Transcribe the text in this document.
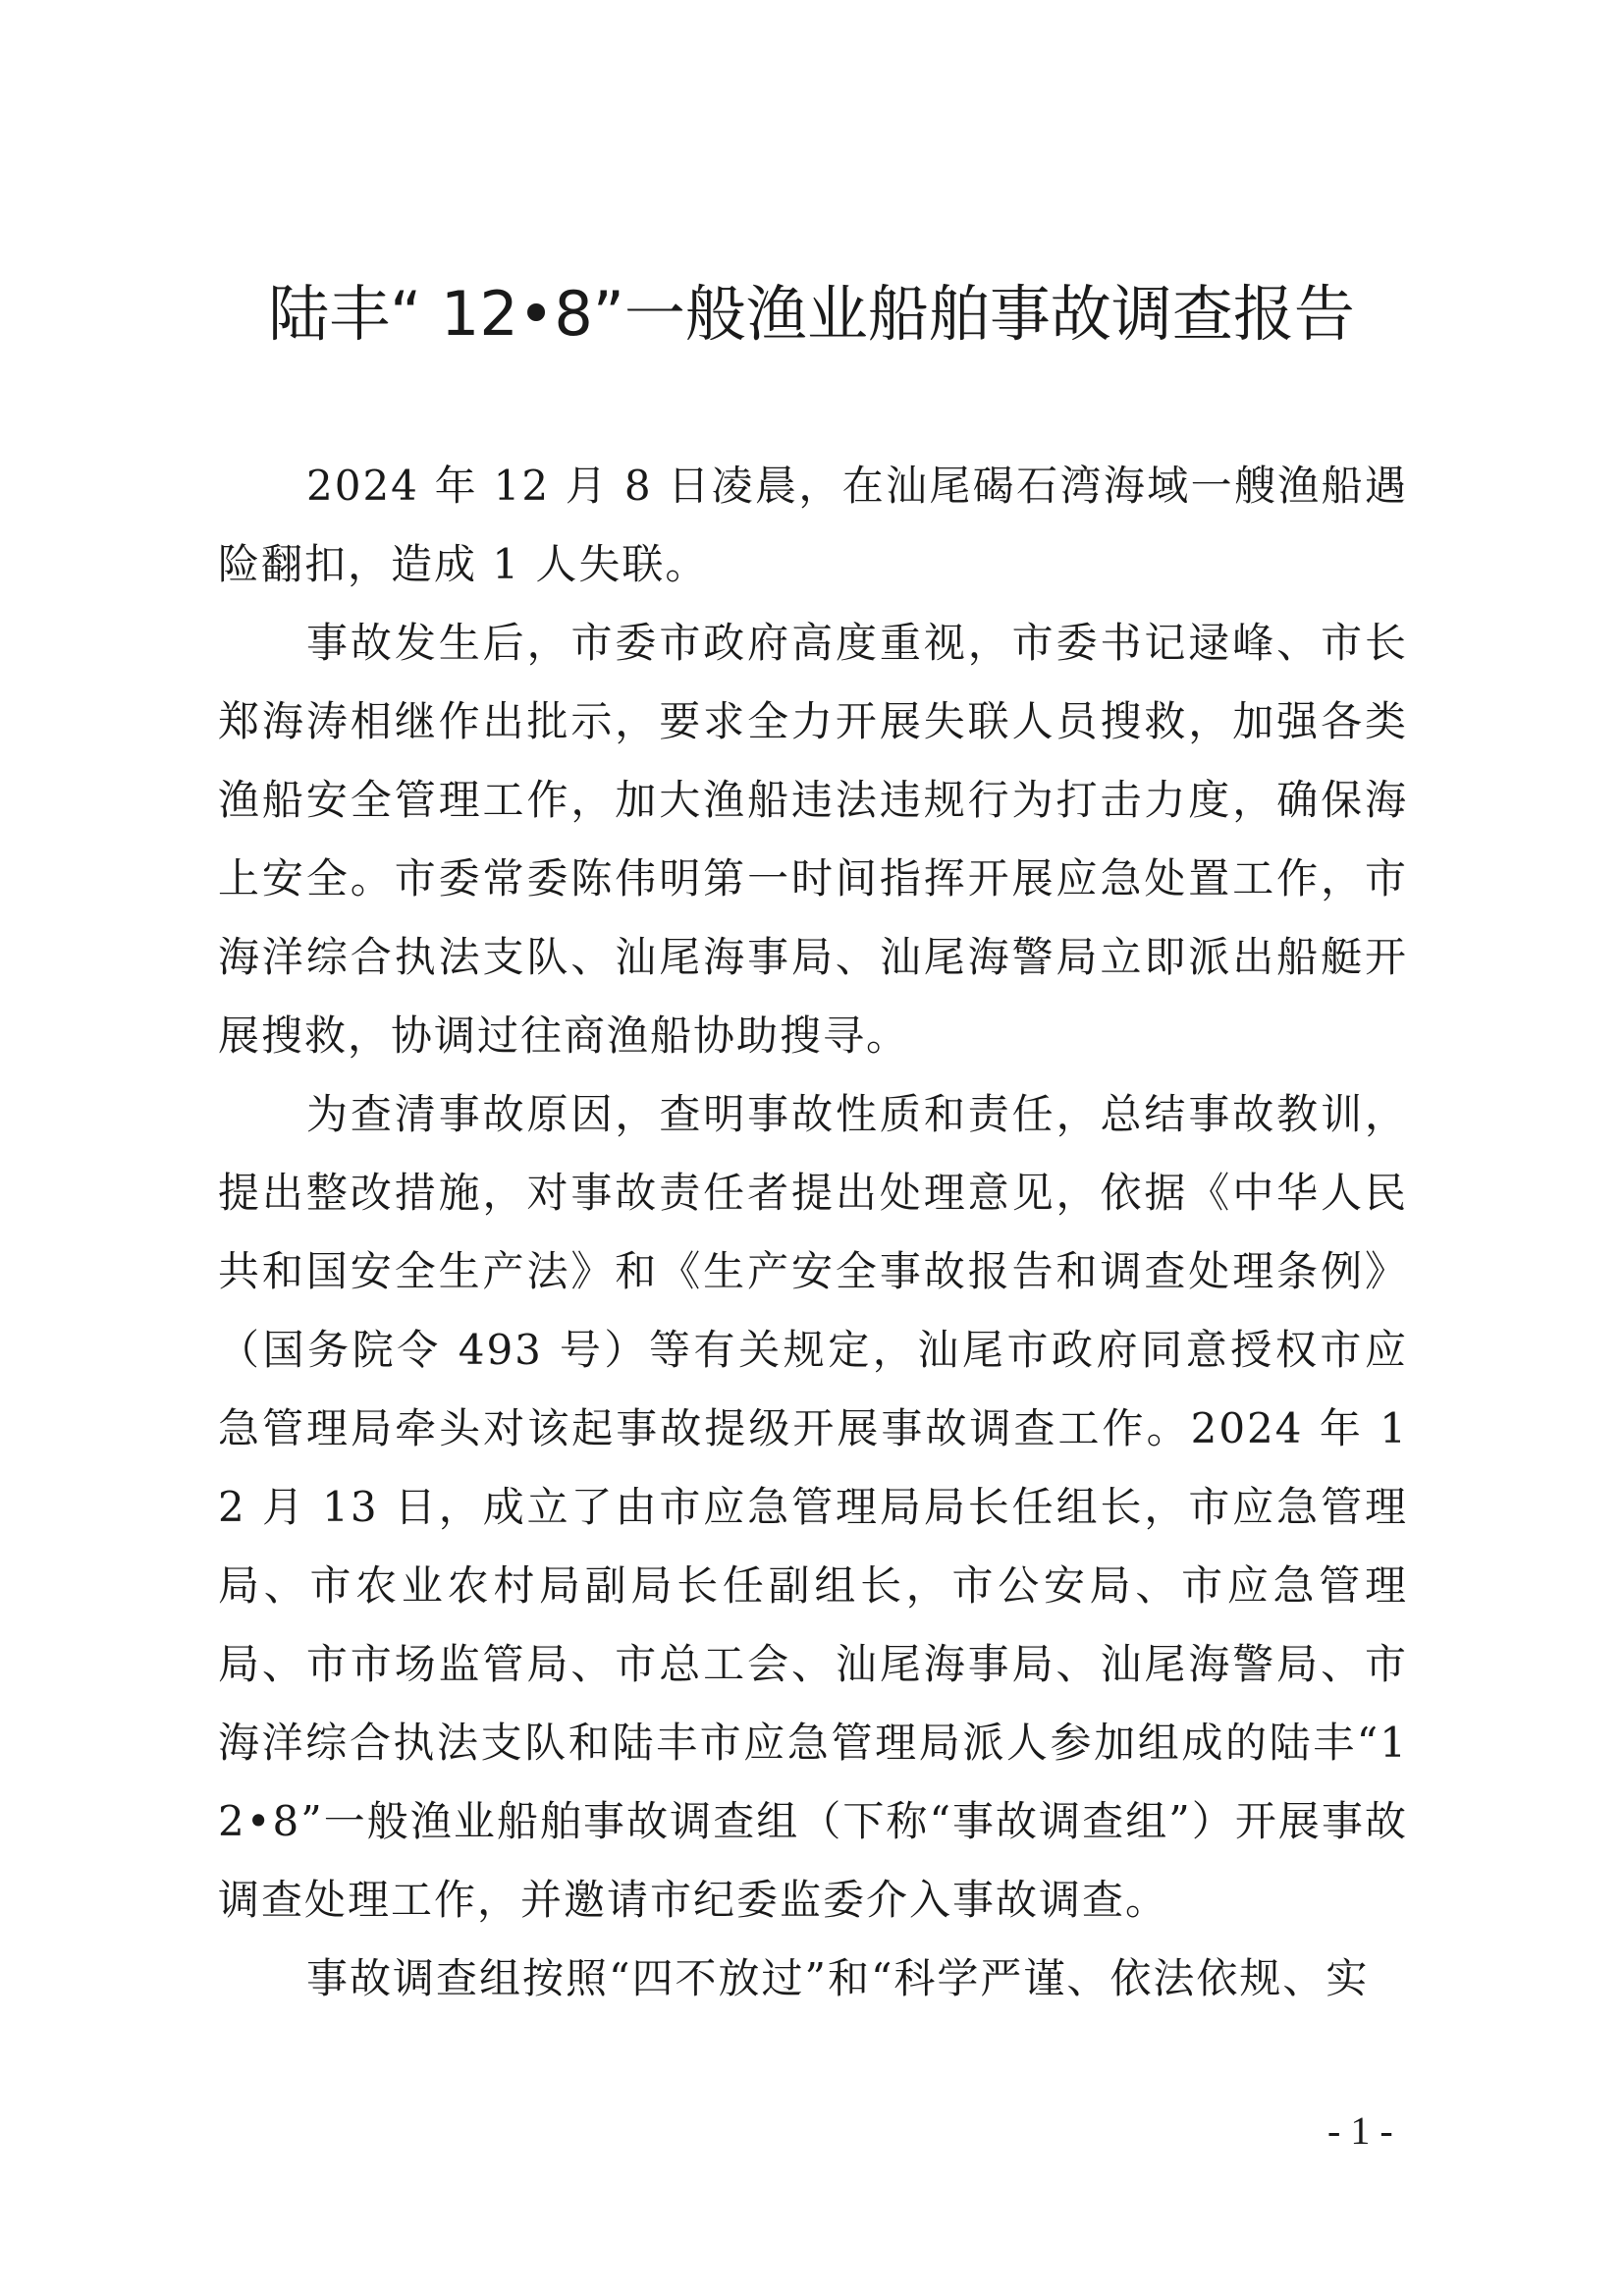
陆丰“ 12•8”一般渔业船舶事故调查报告

2024 年 12 月 8 日凌晨，在汕尾碣石湾海域一艘渔船遇险翻扣，造成 1 人失联。

事故发生后，市委市政府高度重视，市委书记逯峰、市长郑海涛相继作出批示，要求全力开展失联人员搜救，加强各类渔船安全管理工作，加大渔船违法违规行为打击力度，确保海上安全。市委常委陈伟明第一时间指挥开展应急处置工作，市海洋综合执法支队、汕尾海事局、汕尾海警局立即派出船艇开展搜救，协调过往商渔船协助搜寻。

为查清事故原因，查明事故性质和责任，总结事故教训，提出整改措施，对事故责任者提出处理意见，依据《中华人民共和国安全生产法》和《生产安全事故报告和调查处理条例》（国务院令 493 号）等有关规定，汕尾市政府同意授权市应急管理局牵头对该起事故提级开展事故调查工作。2024 年 12 月 13 日，成立了由市应急管理局局长任组长，市应急管理局、市农业农村局副局长任副组长，市公安局、市应急管理局、市市场监管局、市总工会、汕尾海事局、汕尾海警局、市海洋综合执法支队和陆丰市应急管理局派人参加组成的陆丰“12•8”一般渔业船舶事故调查组（下称“事故调查组”）开展事故调查处理工作，并邀请市纪委监委介入事故调查。

事故调查组按照“四不放过”和“科学严谨、依法依规、实

- 1 -
